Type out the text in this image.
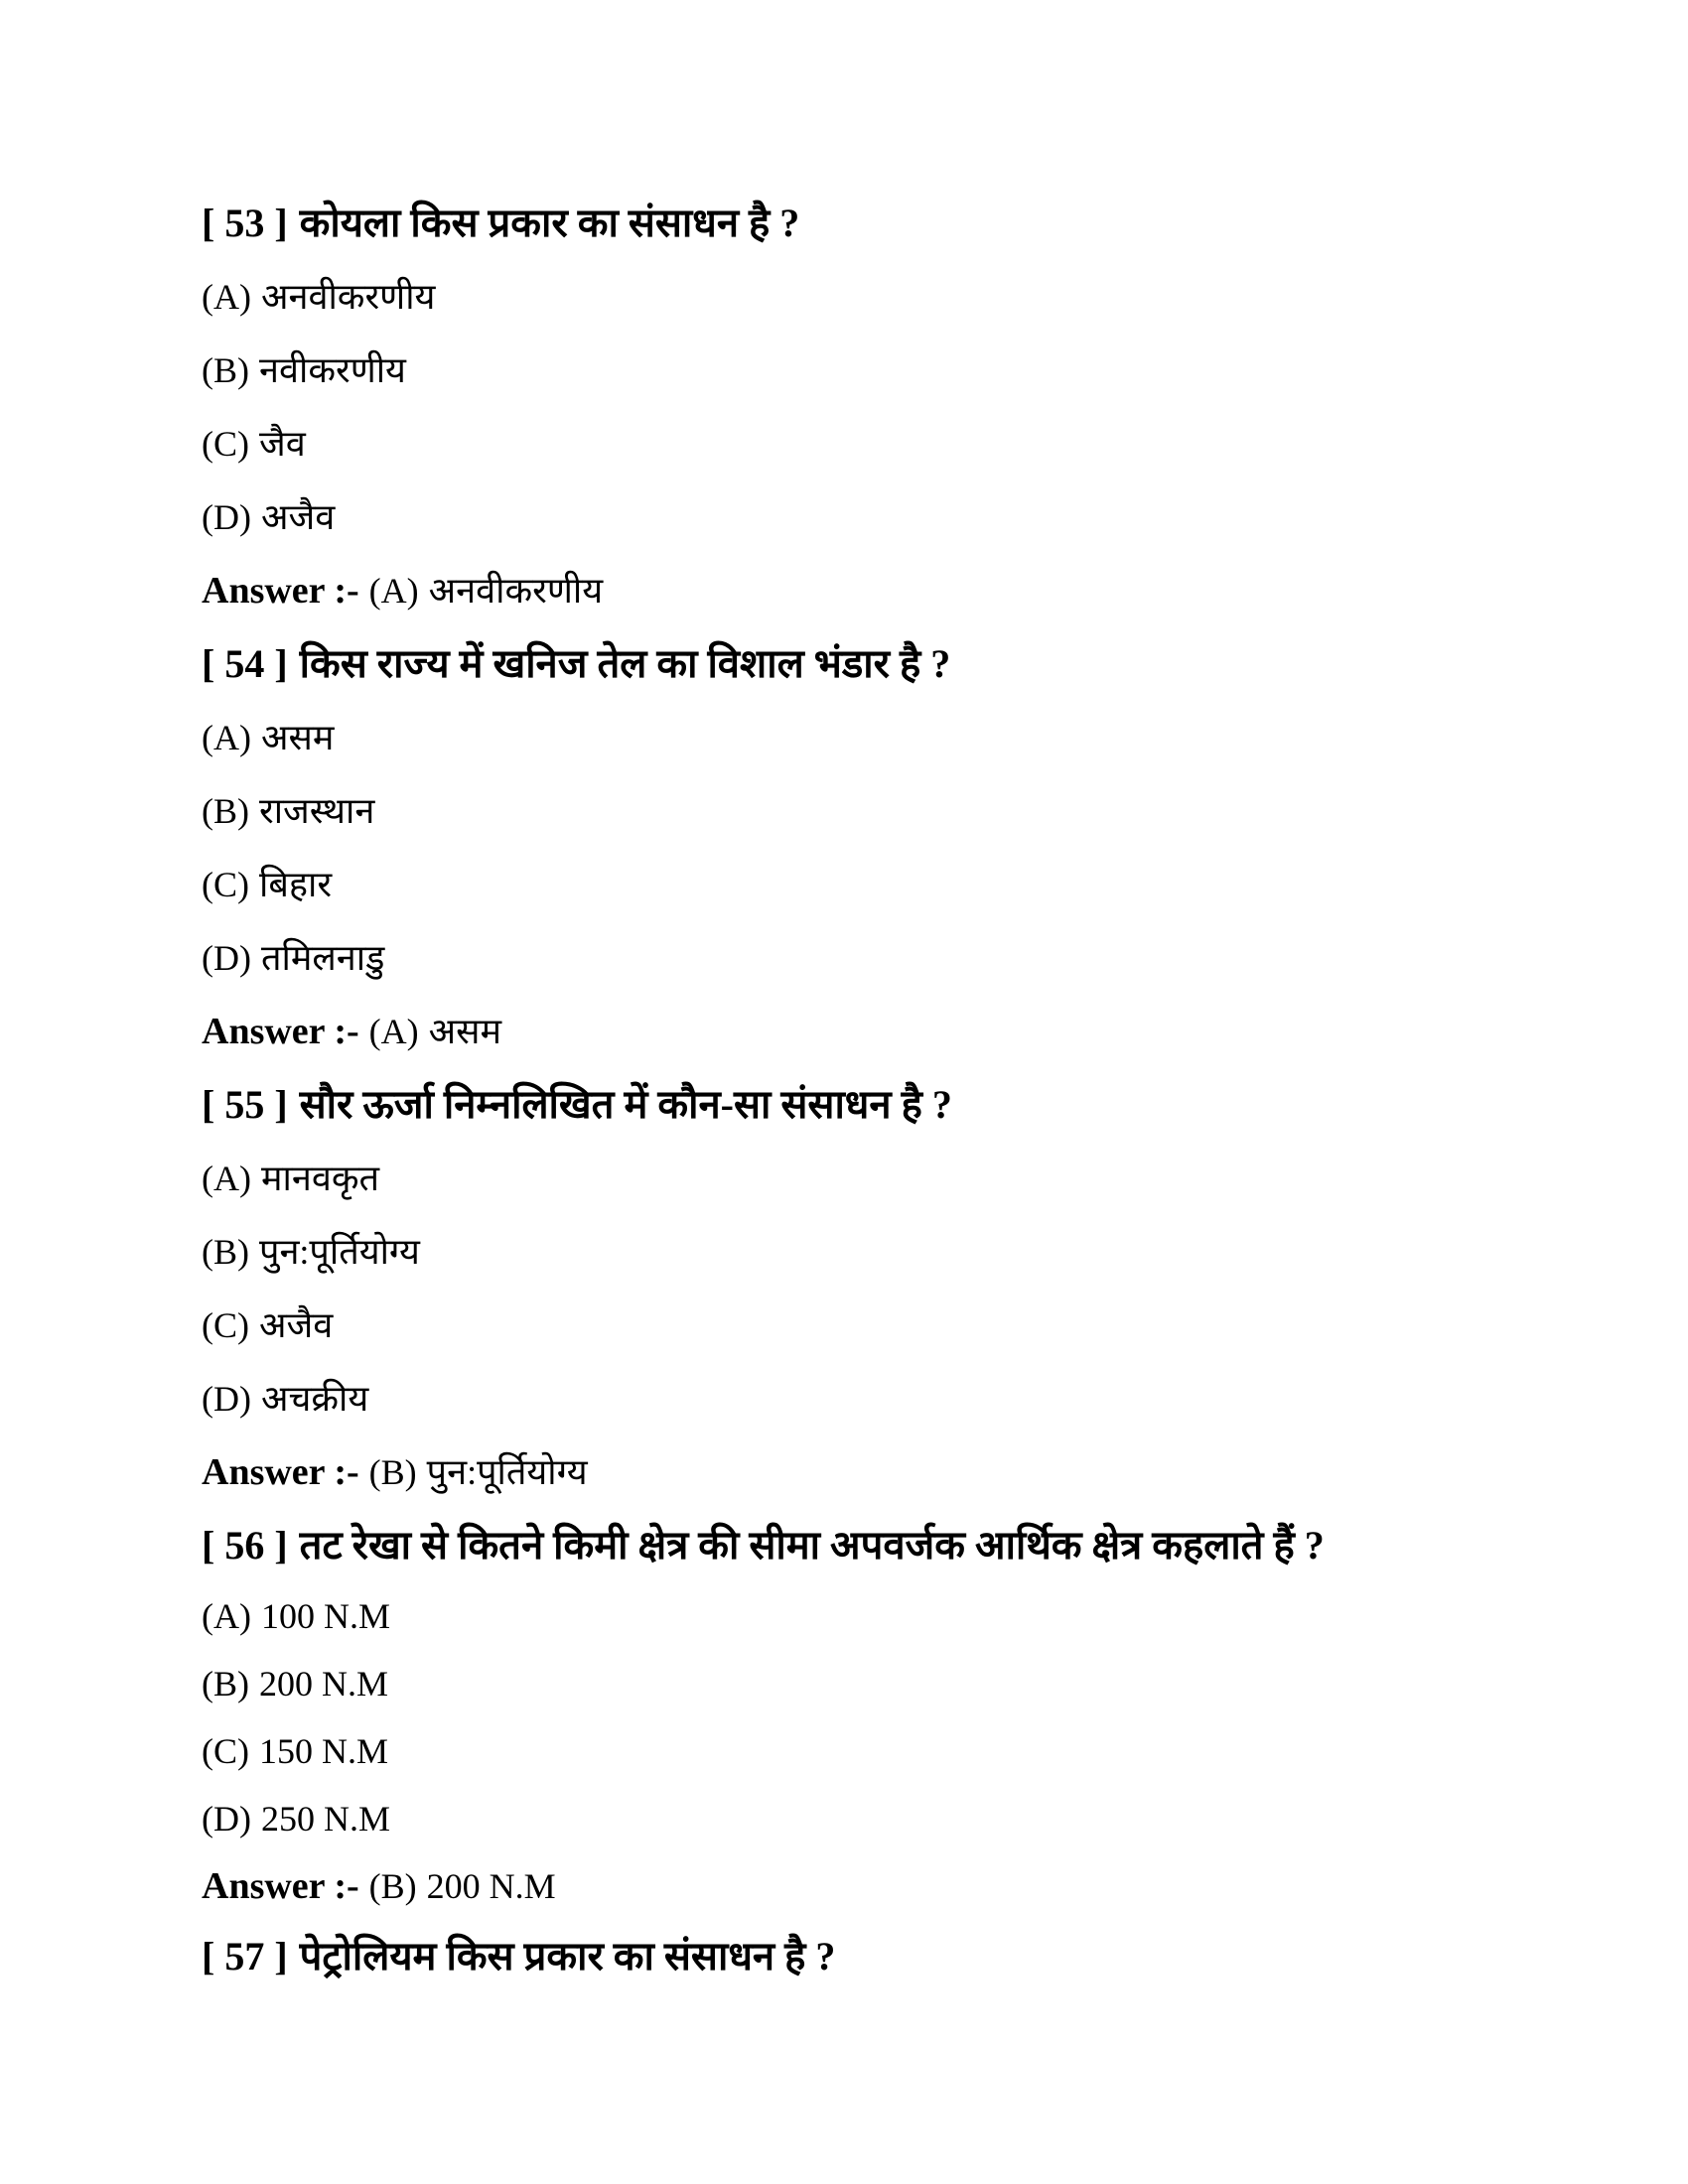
[ 53 ] कोयला किस प्रकार का संसाधन है ?
(A) अनवीकरणीय
(B) नवीकरणीय
(C) जैव
(D) अजैव
Answer :- (A) अनवीकरणीय
[ 54 ] किस राज्य में खनिज तेल का विशाल भंडार है ?
(A) असम
(B) राजस्थान
(C) बिहार
(D) तमिलनाडु
Answer :- (A) असम
[ 55 ] सौर ऊर्जा निम्नलिखित में कौन-सा संसाधन है ?
(A) मानवकृत
(B) पुन:पूर्तियोग्य
(C) अजैव
(D) अचक्रीय
Answer :- (B) पुन:पूर्तियोग्य
[ 56 ] तट रेखा से कितने किमी क्षेत्र की सीमा अपवर्जक आर्थिक क्षेत्र कहलाते हैं ?
(A) 100 N.M
(B) 200 N.M
(C) 150 N.M
(D) 250 N.M
Answer :- (B) 200 N.M
[ 57 ] पेट्रोलियम किस प्रकार का संसाधन है ?
